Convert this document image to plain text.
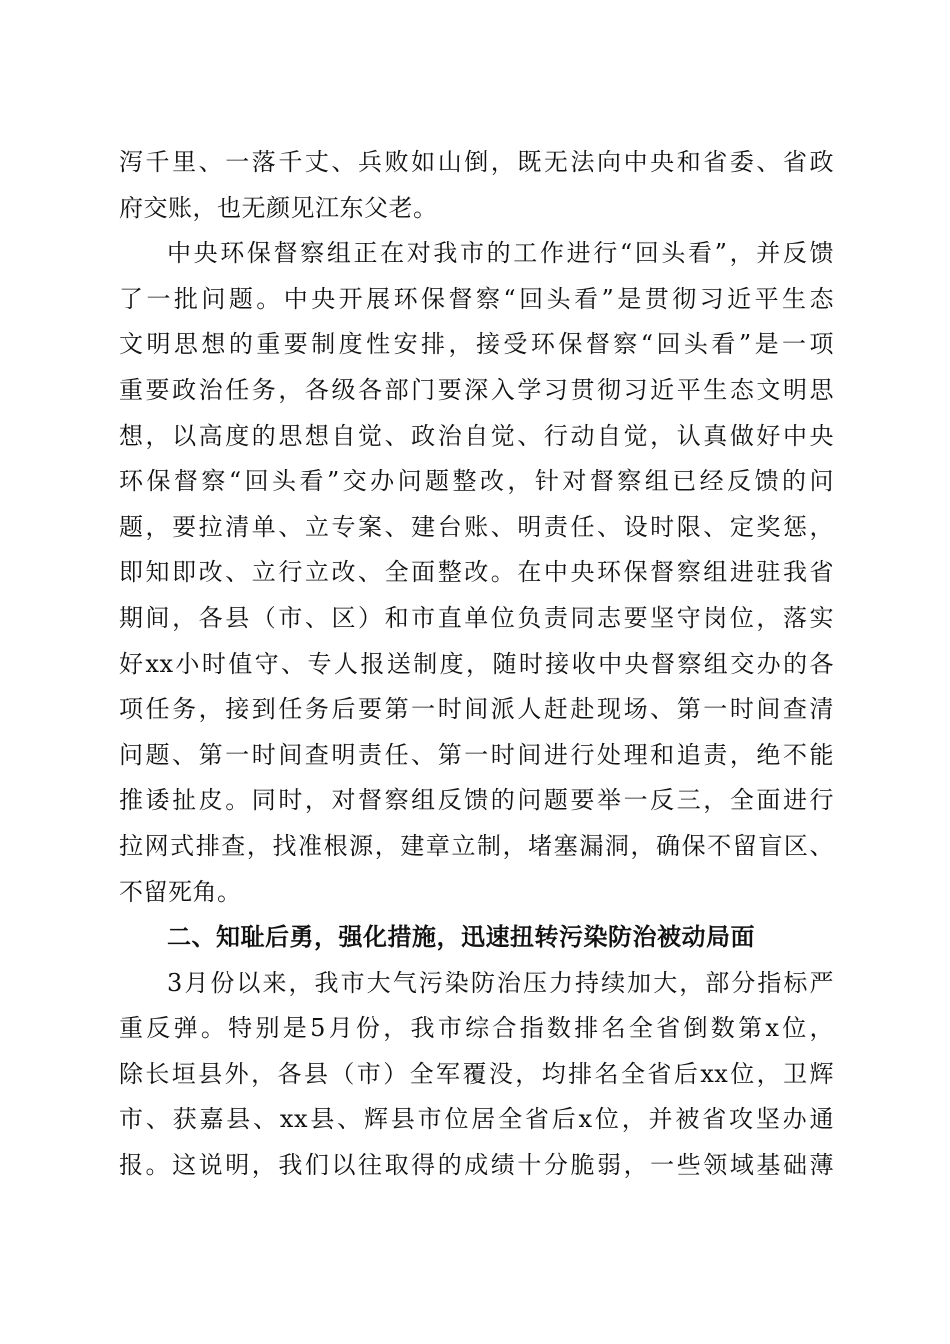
泻千里、一落千丈、兵败如山倒，既无法向中央和省委、省政
府交账，也无颜见江东父老。
中央环保督察组正在对我市的工作进行“回头看”，并反馈
了一批问题。中央开展环保督察“回头看”是贯彻习近平生态
文明思想的重要制度性安排，接受环保督察“回头看”是一项
重要政治任务，各级各部门要深入学习贯彻习近平生态文明思
想，以高度的思想自觉、政治自觉、行动自觉，认真做好中央
环保督察“回头看”交办问题整改，针对督察组已经反馈的问
题，要拉清单、立专案、建台账、明责任、设时限、定奖惩，
即知即改、立行立改、全面整改。在中央环保督察组进驻我省
期间，各县（市、区）和市直单位负责同志要坚守岗位，落实
好xx小时值守、专人报送制度，随时接收中央督察组交办的各
项任务，接到任务后要第一时间派人赶赴现场、第一时间查清
问题、第一时间查明责任、第一时间进行处理和追责，绝不能
推诿扯皮。同时，对督察组反馈的问题要举一反三，全面进行
拉网式排查，找准根源，建章立制，堵塞漏洞，确保不留盲区、
不留死角。
二、知耻后勇，强化措施，迅速扭转污染防治被动局面
3月份以来，我市大气污染防治压力持续加大，部分指标严
重反弹。特别是5月份，我市综合指数排名全省倒数第x位，
除长垣县外，各县（市）全军覆没，均排名全省后xx位，卫辉
市、获嘉县、xx县、辉县市位居全省后x位，并被省攻坚办通
报。这说明，我们以往取得的成绩十分脆弱，一些领域基础薄
